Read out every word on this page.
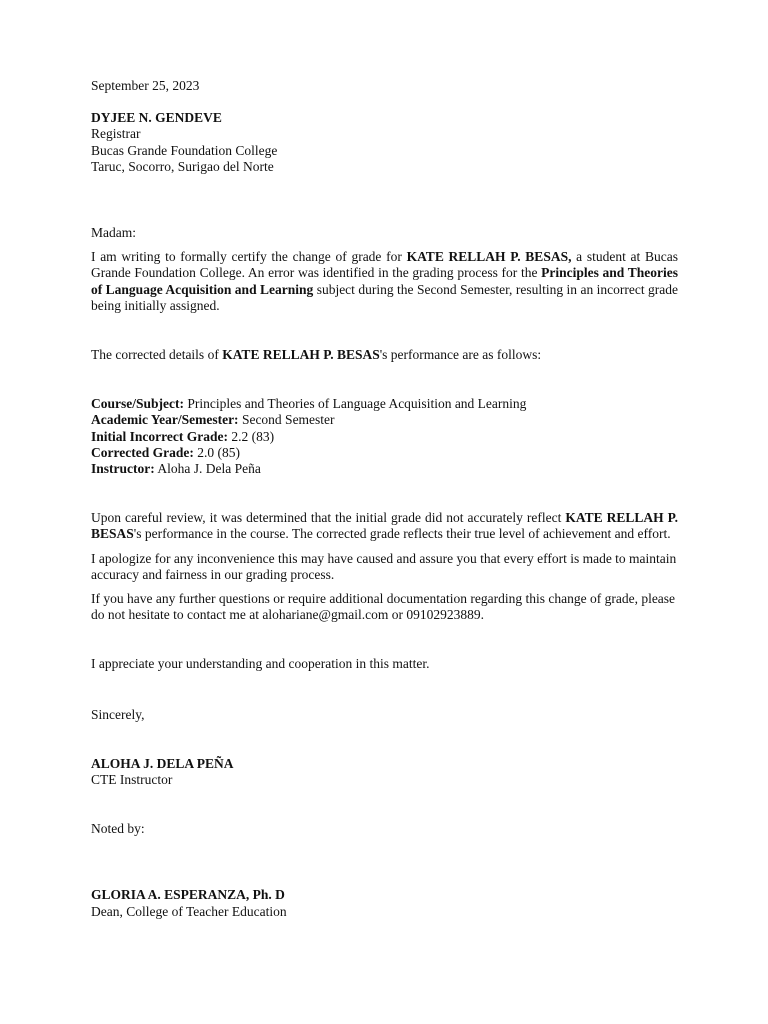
September 25, 2023

DYJEE N. GENDEVE

Registrar

Bucas Grande Foundation College

Taruc, Socorro, Surigao del Norte

Madam:

I am writing to formally certify the change of grade for KATE RELLAH P. BESAS, a student at Bucas Grande Foundation College. An error was identified in the grading process for the Principles and Theories of Language Acquisition and Learning subject during the Second Semester, resulting in an incorrect grade being initially assigned.

The corrected details of KATE RELLAH P. BESAS's performance are as follows:

Course/Subject: Principles and Theories of Language Acquisition and Learning

Academic Year/Semester: Second Semester

Initial Incorrect Grade: 2.2 (83)

Corrected Grade: 2.0 (85)

Instructor: Aloha J. Dela Peña

Upon careful review, it was determined that the initial grade did not accurately reflect KATE RELLAH P. BESAS's performance in the course. The corrected grade reflects their true level of achievement and effort.

I apologize for any inconvenience this may have caused and assure you that every effort is made to maintain accuracy and fairness in our grading process.

If you have any further questions or require additional documentation regarding this change of grade, please do not hesitate to contact me at alohariane@gmail.com or 09102923889.

I appreciate your understanding and cooperation in this matter.

Sincerely,

ALOHA J. DELA PEÑA

CTE Instructor

Noted by:

GLORIA A. ESPERANZA, Ph. D

Dean, College of Teacher Education
